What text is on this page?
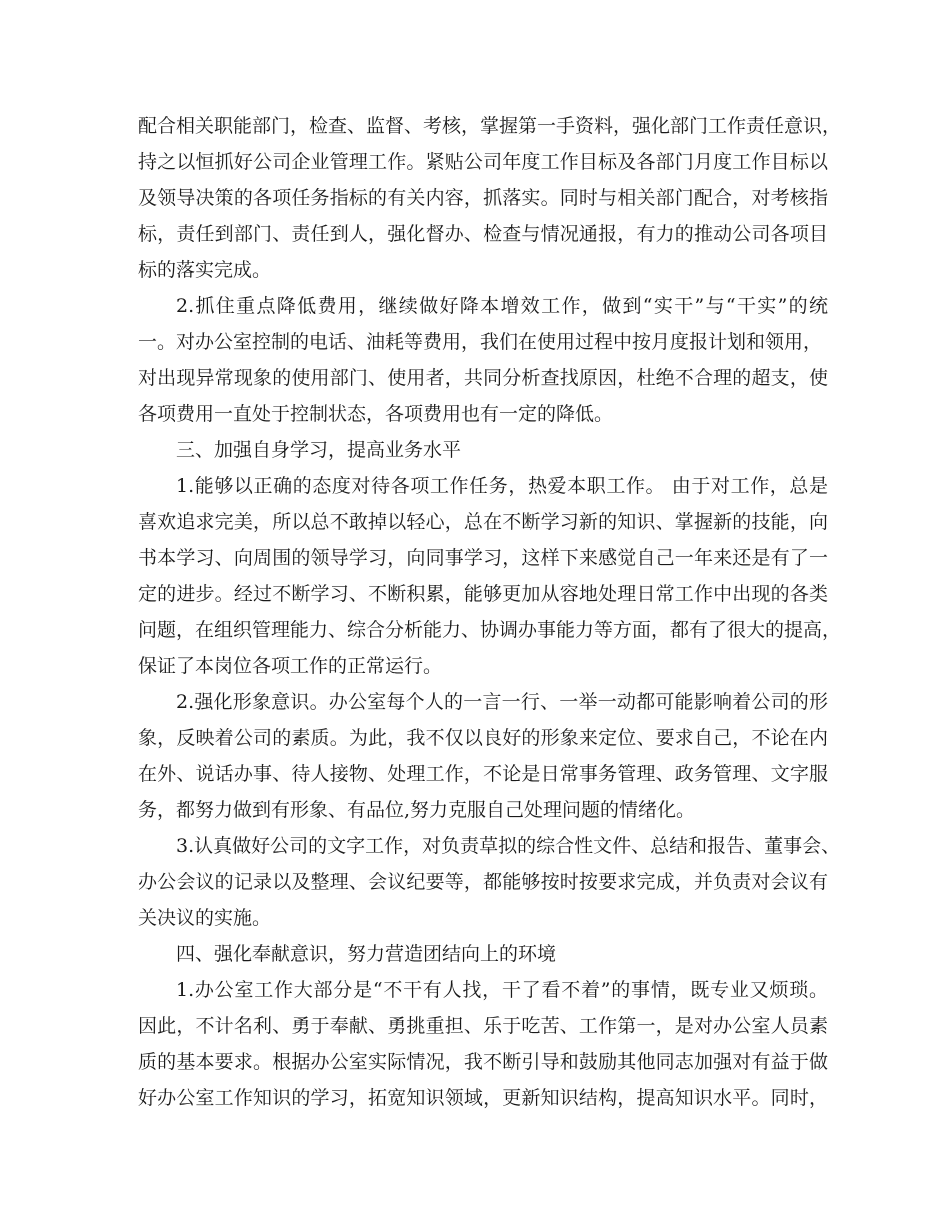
配合相关职能部门，检查、监督、考核，掌握第一手资料，强化部门工作责任意识，
持之以恒抓好公司企业管理工作。紧贴公司年度工作目标及各部门月度工作目标以
及领导决策的各项任务指标的有关内容，抓落实。同时与相关部门配合，对考核指
标，责任到部门、责任到人，强化督办、检查与情况通报，有力的推动公司各项目
标的落实完成。
2.抓住重点降低费用，继续做好降本增效工作，做到“实干”与“干实”的统
一。对办公室控制的电话、油耗等费用，我们在使用过程中按月度报计划和领用，
对出现异常现象的使用部门、使用者，共同分析查找原因，杜绝不合理的超支，使
各项费用一直处于控制状态，各项费用也有一定的降低。
三、加强自身学习，提高业务水平
1.能够以正确的态度对待各项工作任务，热爱本职工作。 由于对工作，总是
喜欢追求完美，所以总不敢掉以轻心，总在不断学习新的知识、掌握新的技能，向
书本学习、向周围的领导学习，向同事学习，这样下来感觉自己一年来还是有了一
定的进步。经过不断学习、不断积累，能够更加从容地处理日常工作中出现的各类
问题，在组织管理能力、综合分析能力、协调办事能力等方面，都有了很大的提高，
保证了本岗位各项工作的正常运行。
2.强化形象意识。办公室每个人的一言一行、一举一动都可能影响着公司的形
象，反映着公司的素质。为此，我不仅以良好的形象来定位、要求自己，不论在内
在外、说话办事、待人接物、处理工作，不论是日常事务管理、政务管理、文字服
务，都努力做到有形象、有品位,努力克服自己处理问题的情绪化。
3.认真做好公司的文字工作，对负责草拟的综合性文件、总结和报告、董事会、
办公会议的记录以及整理、会议纪要等，都能够按时按要求完成，并负责对会议有
关决议的实施。
四、强化奉献意识，努力营造团结向上的环境
1.办公室工作大部分是“不干有人找，干了看不着”的事情，既专业又烦琐。
因此，不计名利、勇于奉献、勇挑重担、乐于吃苦、工作第一，是对办公室人员素
质的基本要求。根据办公室实际情况，我不断引导和鼓励其他同志加强对有益于做
好办公室工作知识的学习，拓宽知识领域，更新知识结构，提高知识水平。同时，
